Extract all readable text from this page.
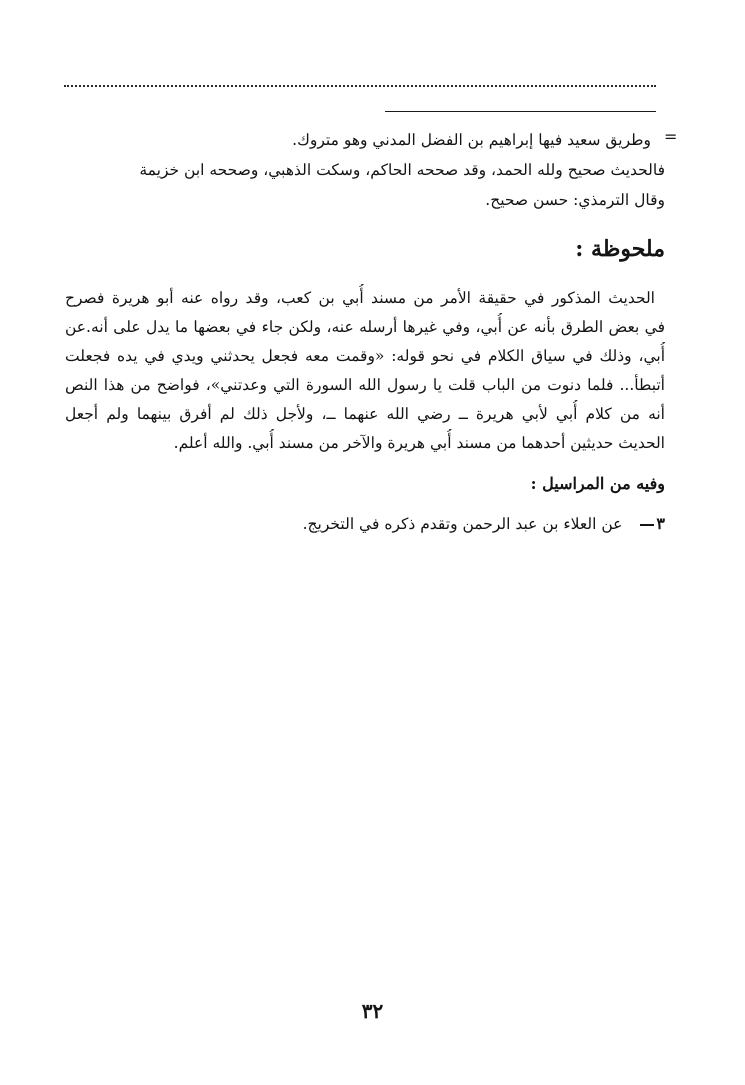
=

وطريق سعيد فيها إبراهيم بن الفضل المدني وهو متروك.

فالحديث صحيح ولله الحمد، وقد صححه الحاكم، وسكت الذهبي، وصححه ابن خزيمة

وقال الترمذي: حسن صحيح.

ملحوظة :

الحديث المذكور في حقيقة الأمر من مسند أُبي بن كعب، وقد رواه عنه أبو هريرة فصرح

في بعض الطرق بأنه عن أُبي، وفي غيرها أرسله عنه، ولكن جاء في بعضها ما يدل على أنه.عن

أُبي، وذلك في سياق الكلام في نحو قوله: «وقمت معه فجعل يحدثني ويدي في يده فجعلت

أتبطأ... فلما دنوت من الباب قلت يا رسول الله السورة التي وعدتني»، فواضح من هذا النص

أنه من كلام أُبي لأبي هريرة ــ رضي الله عنهما ــ، ولأجل ذلك لم أفرق بينهما ولم أجعل

الحديث حديثين أحدهما من مسند أُبي هريرة والآخر من مسند أُبي. والله أعلم.

وفيه من المراسيل :
٣عن العلاء بن عبد الرحمن وتقدم ذكره في التخريج.
٣٢
